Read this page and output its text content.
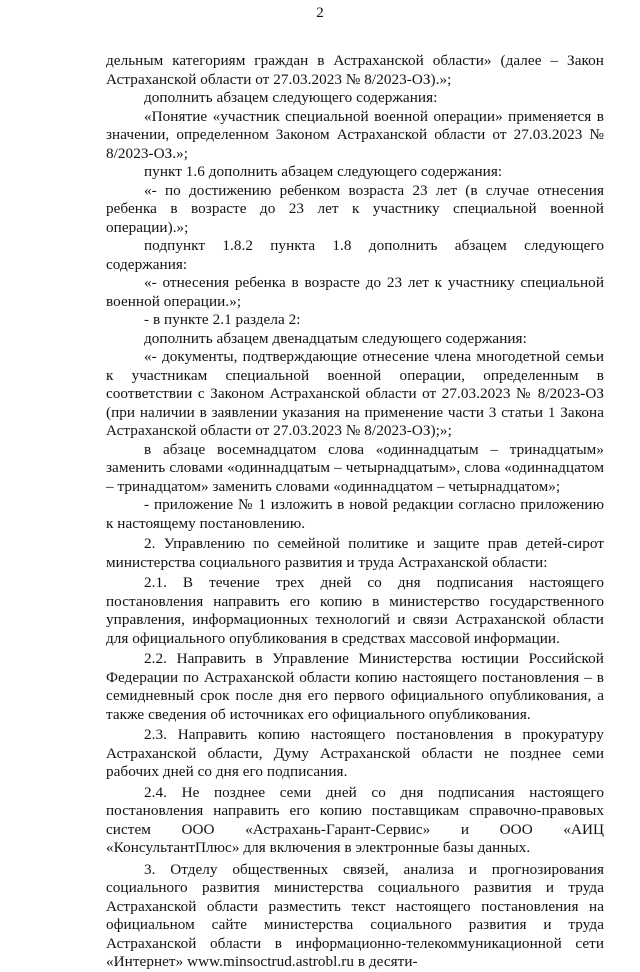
2

дельным категориям граждан в Астраханской области» (далее – Закон Астраханской области от 27.03.2023 № 8/2023-ОЗ).»;

дополнить абзацем следующего содержания:

«Понятие «участник специальной военной операции» применяется в значении, определенном Законом Астраханской области от 27.03.2023 № 8/2023-ОЗ.»;

пункт 1.6 дополнить абзацем следующего содержания:

«- по достижению ребенком возраста 23 лет (в случае отнесения ребенка в возрасте до 23 лет к участнику специальной военной операции).»;

подпункт 1.8.2 пункта 1.8 дополнить абзацем следующего содержания:

«- отнесения ребенка в возрасте до 23 лет к участнику специальной военной операции.»;

- в пункте 2.1 раздела 2:

дополнить абзацем двенадцатым следующего содержания:

«- документы, подтверждающие отнесение члена многодетной семьи к участникам специальной военной операции, определенным в соответствии с Законом Астраханской области от 27.03.2023 № 8/2023-ОЗ (при наличии в заявлении указания на применение части 3 статьи 1 Закона Астраханской области от 27.03.2023 № 8/2023-ОЗ);»;

в абзаце восемнадцатом слова «одиннадцатым – тринадцатым» заменить словами «одиннадцатым – четырнадцатым», слова «одиннадцатом – тринадцатом» заменить словами «одиннадцатом – четырнадцатом»;

- приложение № 1 изложить в новой редакции согласно приложению к настоящему постановлению.

2. Управлению по семейной политике и защите прав детей-сирот министерства социального развития и труда Астраханской области:

2.1. В течение трех дней со дня подписания настоящего постановления направить его копию в министерство государственного управления, информационных технологий и связи Астраханской области для официального опубликования в средствах массовой информации.

2.2. Направить в Управление Министерства юстиции Российской Федерации по Астраханской области копию настоящего постановления – в семидневный срок после дня его первого официального опубликования, а также сведения об источниках его официального опубликования.

2.3. Направить копию настоящего постановления в прокуратуру Астраханской области, Думу Астраханской области не позднее семи рабочих дней со дня его подписания.

2.4. Не позднее семи дней со дня подписания настоящего постановления направить его копию поставщикам справочно-правовых систем ООО «Астрахань-Гарант-Сервис» и ООО «АИЦ «КонсультантПлюс» для включения в электронные базы данных.

3. Отделу общественных связей, анализа и прогнозирования социального развития министерства социального развития и труда Астраханской области разместить текст настоящего постановления на официальном сайте министерства социального развития и труда Астраханской области в информационно-телекоммуникационной сети «Интернет» www.minsoctrud.astrobl.ru в десяти-
